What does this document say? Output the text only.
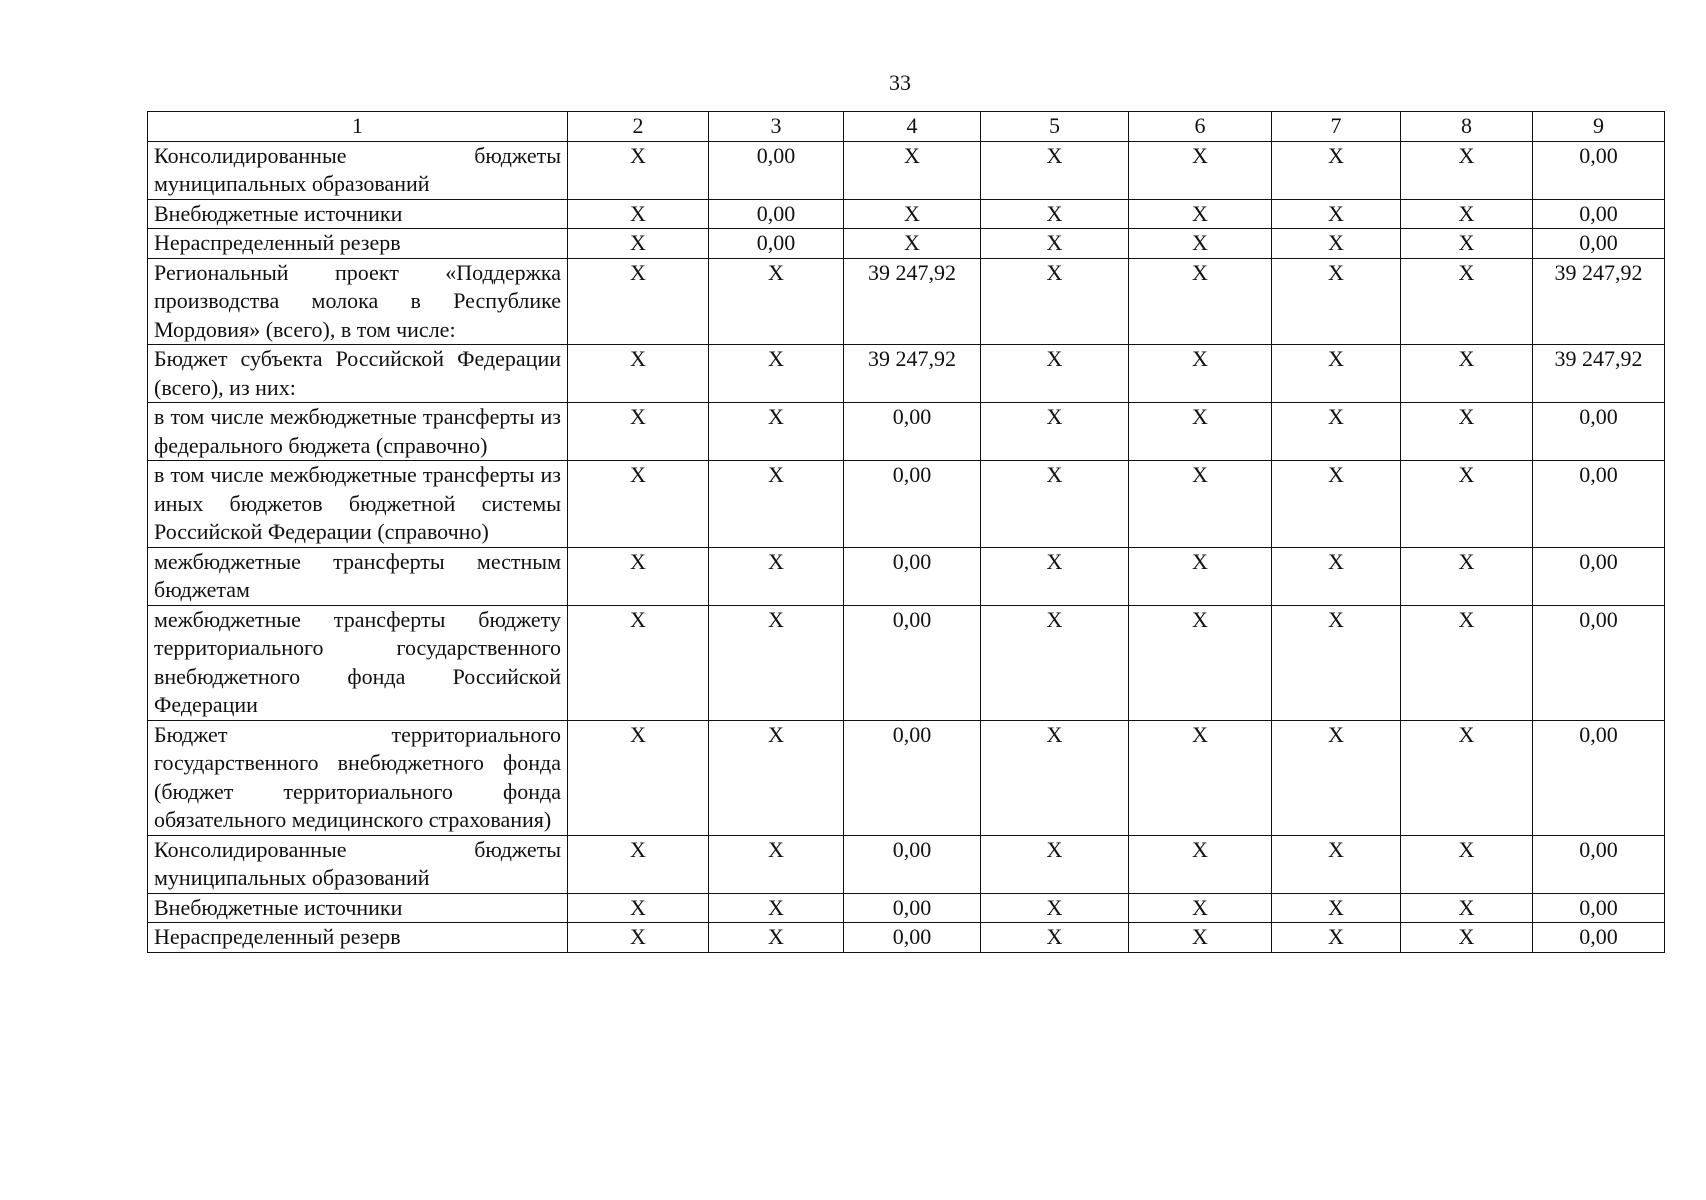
33
1	2	3	4	5	6	7	8	9
Консолидированные бюджеты муниципальных образований	X	0,00	X	X	X	X	X	0,00
Внебюджетные источники	X	0,00	X	X	X	X	X	0,00
Нераспределенный резерв	X	0,00	X	X	X	X	X	0,00
Региональный проект «Поддержка производства молока в Республике Мордовия» (всего), в том числе:	X	X	39 247,92	X	X	X	X	39 247,92
Бюджет субъекта Российской Федерации (всего), из них:	X	X	39 247,92	X	X	X	X	39 247,92
в том числе межбюджетные трансферты из федерального бюджета (справочно)	X	X	0,00	X	X	X	X	0,00
в том числе межбюджетные трансферты из иных бюджетов бюджетной системы Российской Федерации (справочно)	X	X	0,00	X	X	X	X	0,00
межбюджетные трансферты местным бюджетам	X	X	0,00	X	X	X	X	0,00
межбюджетные трансферты бюджету территориального государственного внебюджетного фонда Российской Федерации	X	X	0,00	X	X	X	X	0,00
Бюджет территориального государственного внебюджетного фонда (бюджет территориального фонда обязательного медицинского страхования)	X	X	0,00	X	X	X	X	0,00
Консолидированные бюджеты муниципальных образований	X	X	0,00	X	X	X	X	0,00
Внебюджетные источники	X	X	0,00	X	X	X	X	0,00
Нераспределенный резерв	X	X	0,00	X	X	X	X	0,00
